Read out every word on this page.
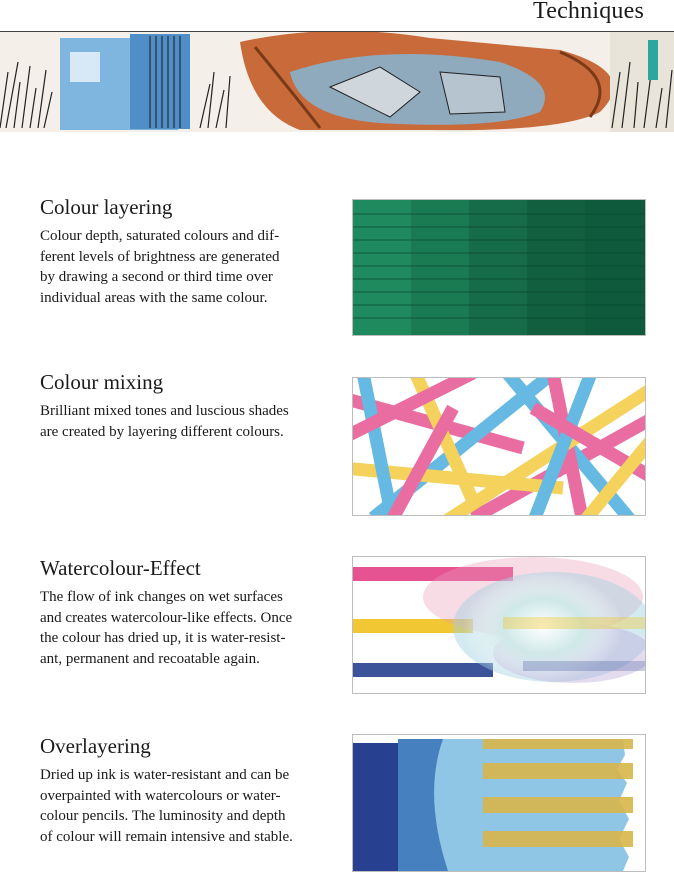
Techniques
Colour layering
Colour depth, saturated colours and dif-
ferent levels of brightness are generated
by drawing a second or third time over
individual areas with the same colour.
Colour mixing
Brilliant mixed tones and luscious shades
are created by layering different colours.
Watercolour-Effect
The flow of ink changes on wet surfaces
and creates watercolour-like effects. Once
the colour has dried up, it is water-resist-
ant, permanent and recoatable again.
Overlayering
Dried up ink is water-resistant and can be
overpainted with watercolours or water-
colour pencils. The luminosity and depth
of colour will remain intensive and stable.
